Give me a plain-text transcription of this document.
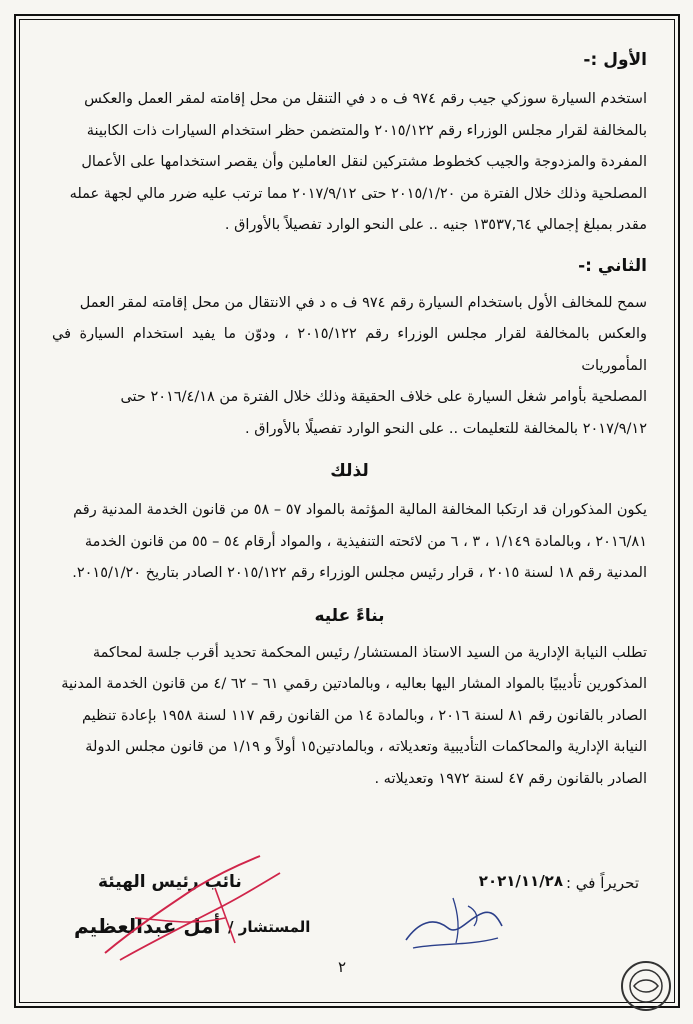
الأول :-

استخدم السيارة سوزكي جيب رقم ٩٧٤ ف ه د في التنقل من محل إقامته لمقر العمل والعكس

بالمخالفة لقرار مجلس الوزراء رقم ٢٠١٥/١٢٢ والمتضمن حظر استخدام السيارات ذات الكابينة

المفردة والمزدوجة والجيب كخطوط مشتركين لنقل العاملين وأن يقصر استخدامها على الأعمال

المصلحية وذلك خلال الفترة من ٢٠١٥/١/٢٠ حتى ٢٠١٧/٩/١٢ مما ترتب عليه ضرر مالي لجهة عمله

مقدر بمبلغ إجمالي ١٣٥٣٧,٦٤ جنيه .. على النحو الوارد تفصيلاً بالأوراق .

الثاني :-

سمح للمخالف الأول باستخدام السيارة رقم ٩٧٤ ف ه د في الانتقال من محل إقامته لمقر العمل

والعكس بالمخالفة لقرار مجلس الوزراء رقم ٢٠١٥/١٢٢ ، ودوّن ما يفيد استخدام السيارة في المأموريات

المصلحية بأوامر شغل السيارة على خلاف الحقيقة وذلك خلال الفترة من ٢٠١٦/٤/١٨ حتى

٢٠١٧/٩/١٢ بالمخالفة للتعليمات .. على النحو الوارد تفصيلًا بالأوراق .

لذلك

يكون المذكوران قد ارتكبا المخالفة المالية المؤثمة بالمواد ٥٧ – ٥٨ من قانون الخدمة المدنية رقم

٢٠١٦/٨١ ، وبالمادة ١/١٤٩ ، ٣ ، ٦ من لائحته التنفيذية ، والمواد أرقام ٥٤ – ٥٥ من قانون الخدمة

المدنية رقم ١٨ لسنة ٢٠١٥ ، قرار رئيس مجلس الوزراء رقم ٢٠١٥/١٢٢ الصادر بتاريخ ٢٠١٥/١/٢٠.

بناءً عليه

تطلب النيابة الإدارية من السيد الاستاذ المستشار/ رئيس المحكمة تحديد أقرب جلسة لمحاكمة

المذكورين تأديبيًا بالمواد المشار اليها بعاليه ، وبالمادتين رقمي ٦١ – ٦٢ /٤ من قانون الخدمة المدنية

الصادر بالقانون رقم ٨١ لسنة ٢٠١٦ ، وبالمادة ١٤ من القانون رقم ١١٧ لسنة ١٩٥٨ بإعادة تنظيم

النيابة الإدارية والمحاكمات التأديبية وتعديلاته ، وبالمادتين١٥ أولاً و ١/١٩ من قانون مجلس الدولة

الصادر بالقانون رقم ٤٧ لسنة ١٩٧٢ وتعديلاته .

تحريراً في :
٢٠٢١/١١/٢٨
نائب رئيس الهيئة
المستشار /
أمل عبدالعظيم
٢
